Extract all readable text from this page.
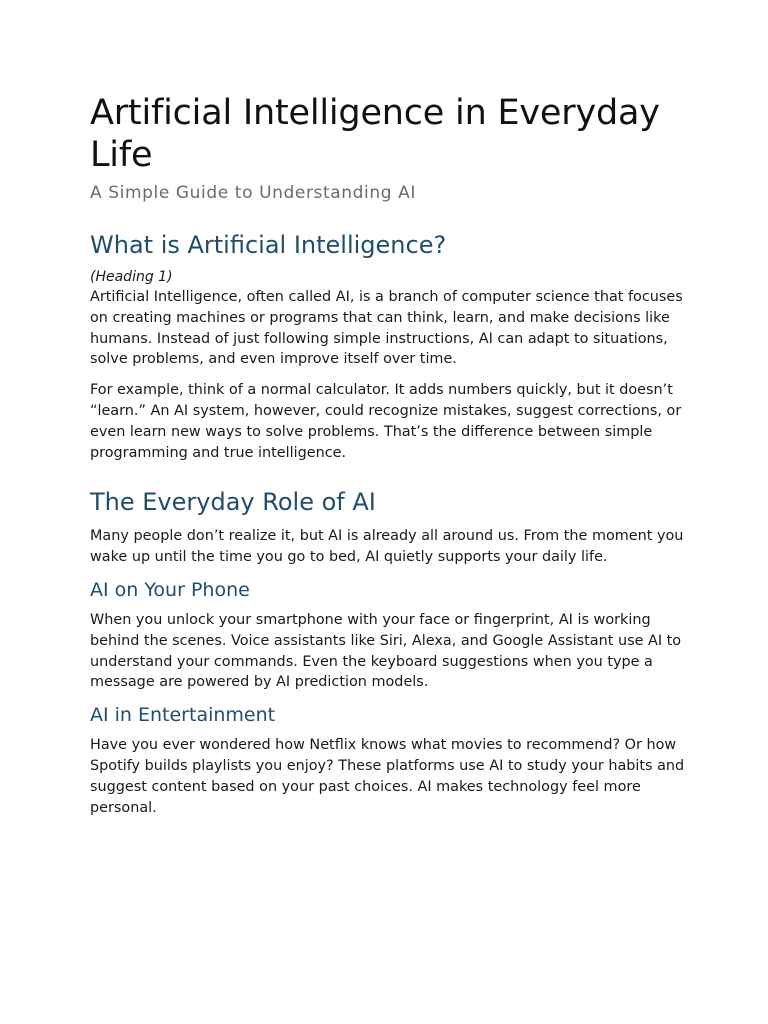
Artificial Intelligence in Everyday Life

A Simple Guide to Understanding AI

What is Artificial Intelligence?

(Heading 1)

Artificial Intelligence, often called AI, is a branch of computer science that focuses on creating machines or programs that can think, learn, and make decisions like humans. Instead of just following simple instructions, AI can adapt to situations, solve problems, and even improve itself over time.

For example, think of a normal calculator. It adds numbers quickly, but it doesn’t “learn.” An AI system, however, could recognize mistakes, suggest corrections, or even learn new ways to solve problems. That’s the difference between simple programming and true intelligence.

The Everyday Role of AI

Many people don’t realize it, but AI is already all around us. From the moment you wake up until the time you go to bed, AI quietly supports your daily life.

AI on Your Phone

When you unlock your smartphone with your face or fingerprint, AI is working behind the scenes. Voice assistants like Siri, Alexa, and Google Assistant use AI to understand your commands. Even the keyboard suggestions when you type a message are powered by AI prediction models.

AI in Entertainment

Have you ever wondered how Netflix knows what movies to recommend? Or how Spotify builds playlists you enjoy? These platforms use AI to study your habits and suggest content based on your past choices. AI makes technology feel more personal.
